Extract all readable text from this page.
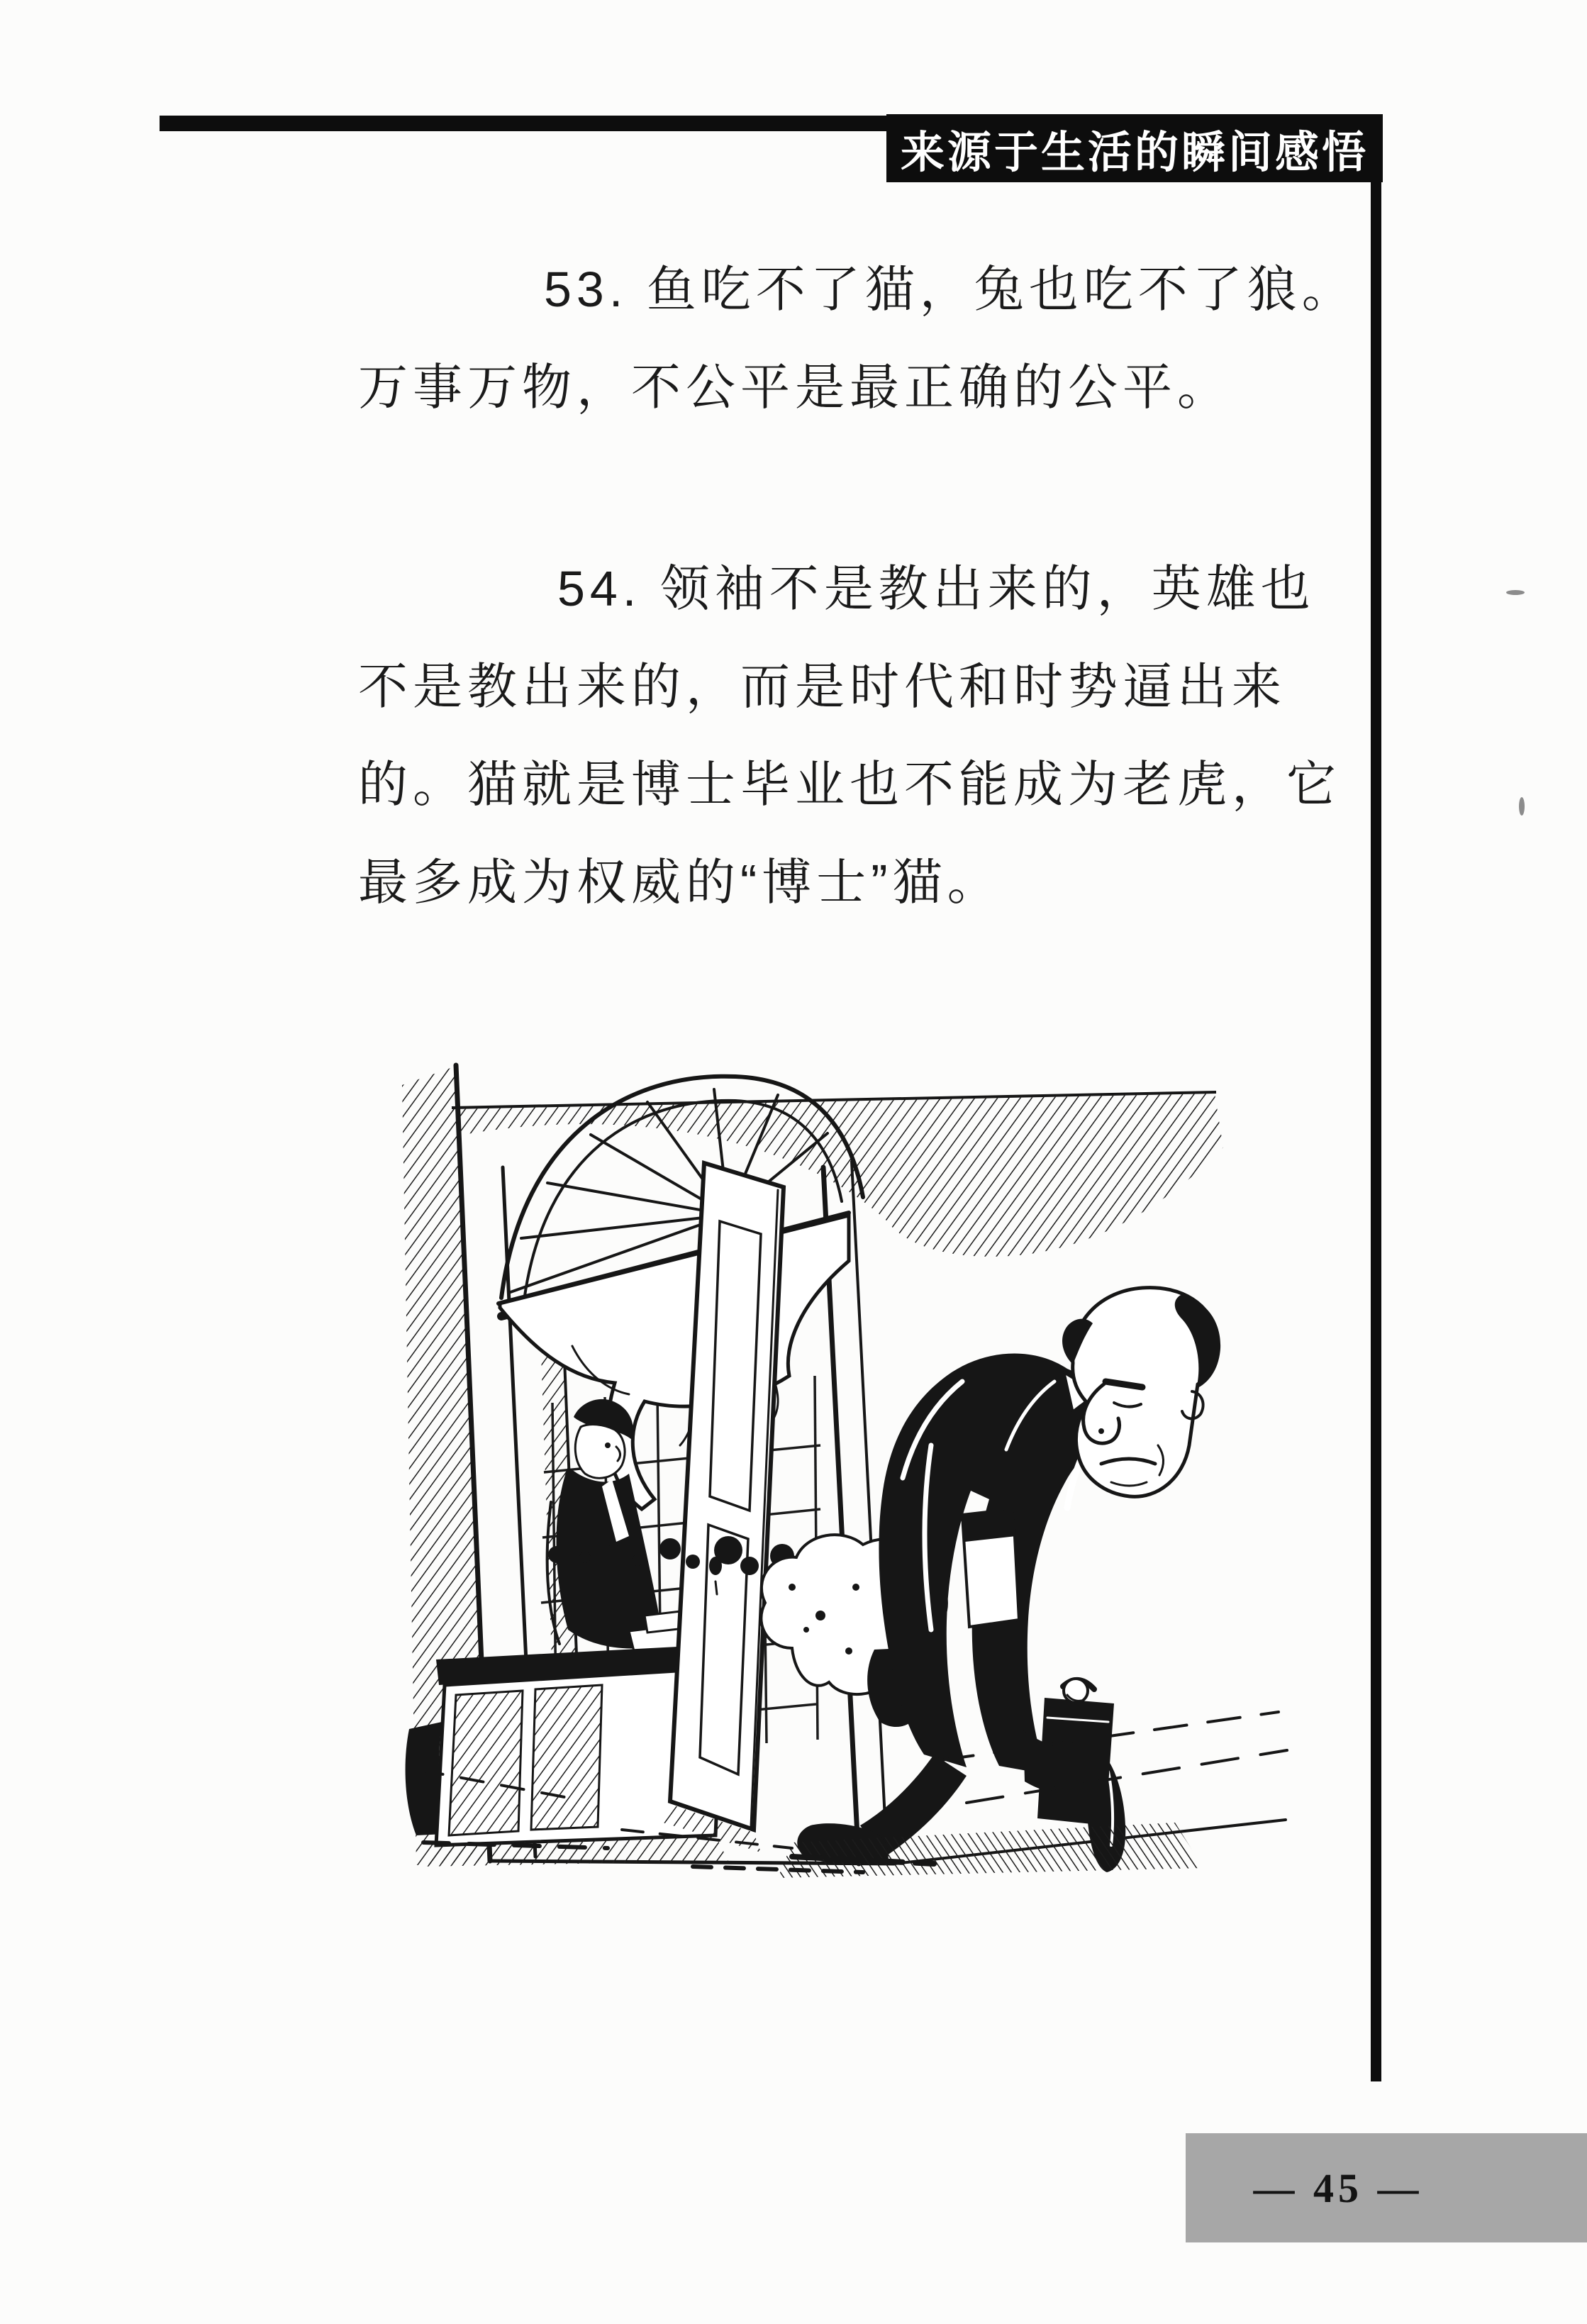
来源于生活的瞬间感悟
53. 鱼吃不了猫，兔也吃不了狼。
万事万物，不公平是最正确的公平。
54. 领袖不是教出来的，英雄也
不是教出来的，而是时代和时势逼出来
的。猫就是博士毕业也不能成为老虎，它
最多成为权威的“博士”猫。
— 45 —
